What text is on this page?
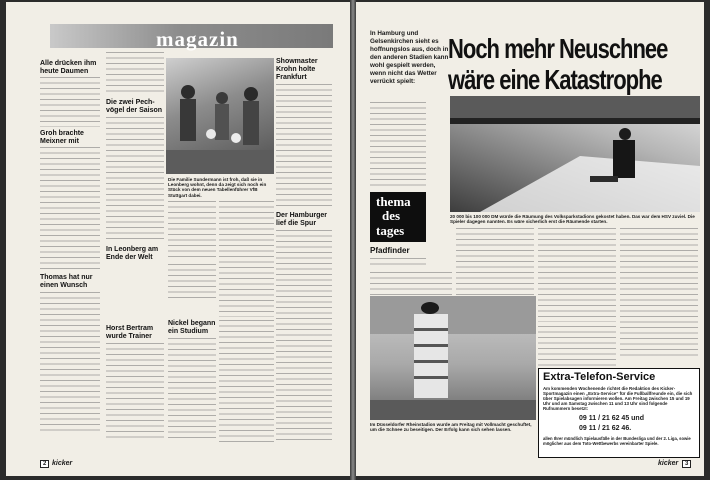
magazin
Alle drücken ihm heute Daumen
Groh brachte Meixner mit
Thomas hat nur einen Wunsch
Die zwei Pech-vögel der Saison
In Leonberg am Ende der Welt
Horst Bertram wurde Trainer
Die Familie Sundermann ist froh, daß sie in Leonberg wohnt, denn da zeigt sich noch ein Stück von dem neuen Tabellenführer VfB Stuttgart dabei.
Nickel begann ein Studium
Showmaster Krohn holte Frankfurt
Der Hamburger lief die Spur
2 kicker
In Hamburg und Gelsenkirchen sieht es hoffnungslos aus, doch in den anderen Stadien kann wohl gespielt werden, wenn nicht das Wetter verrückt spielt:
Noch mehr Neuschnee
wäre eine Katastrophe
thema
des
tages
Pfadfinder
20 000 bis 100 000 DM würde die Räumung des Volksparkstadions gekostet haben. Das war dem HSV zuviel. Die Spieler dagegen nannten. Es wäre sicherlich erst die Räumende starten.
Im Düsseldorfer Rheinstadion wurde am Freitag mit Vollmacht geschuftet, um die Schnee zu beseitigen. Der Erfolg kann sich sehen lassen.
Extra-Telefon-Service
Am kommenden Wochenende richtet die Redaktion des Kicker-Sportmagazin einen „Extra-Service“ für die Fußballfreunde ein, die sich über Spielabsagen informieren wollen. Am Freitag zwischen 15 und 19 Uhr und am Samstag zwischen 11 und 13 Uhr sind folgende Rufnummern besetzt:
09 11 / 21 62 45 und
09 11 / 21 62 46.
allen Ihrer mündlich Spielausfälle in der Bundesliga und der 2. Liga, sowie möglicher aus dem Toto-Wettbewerbs vereinbarter Spiele.
kicker	3
